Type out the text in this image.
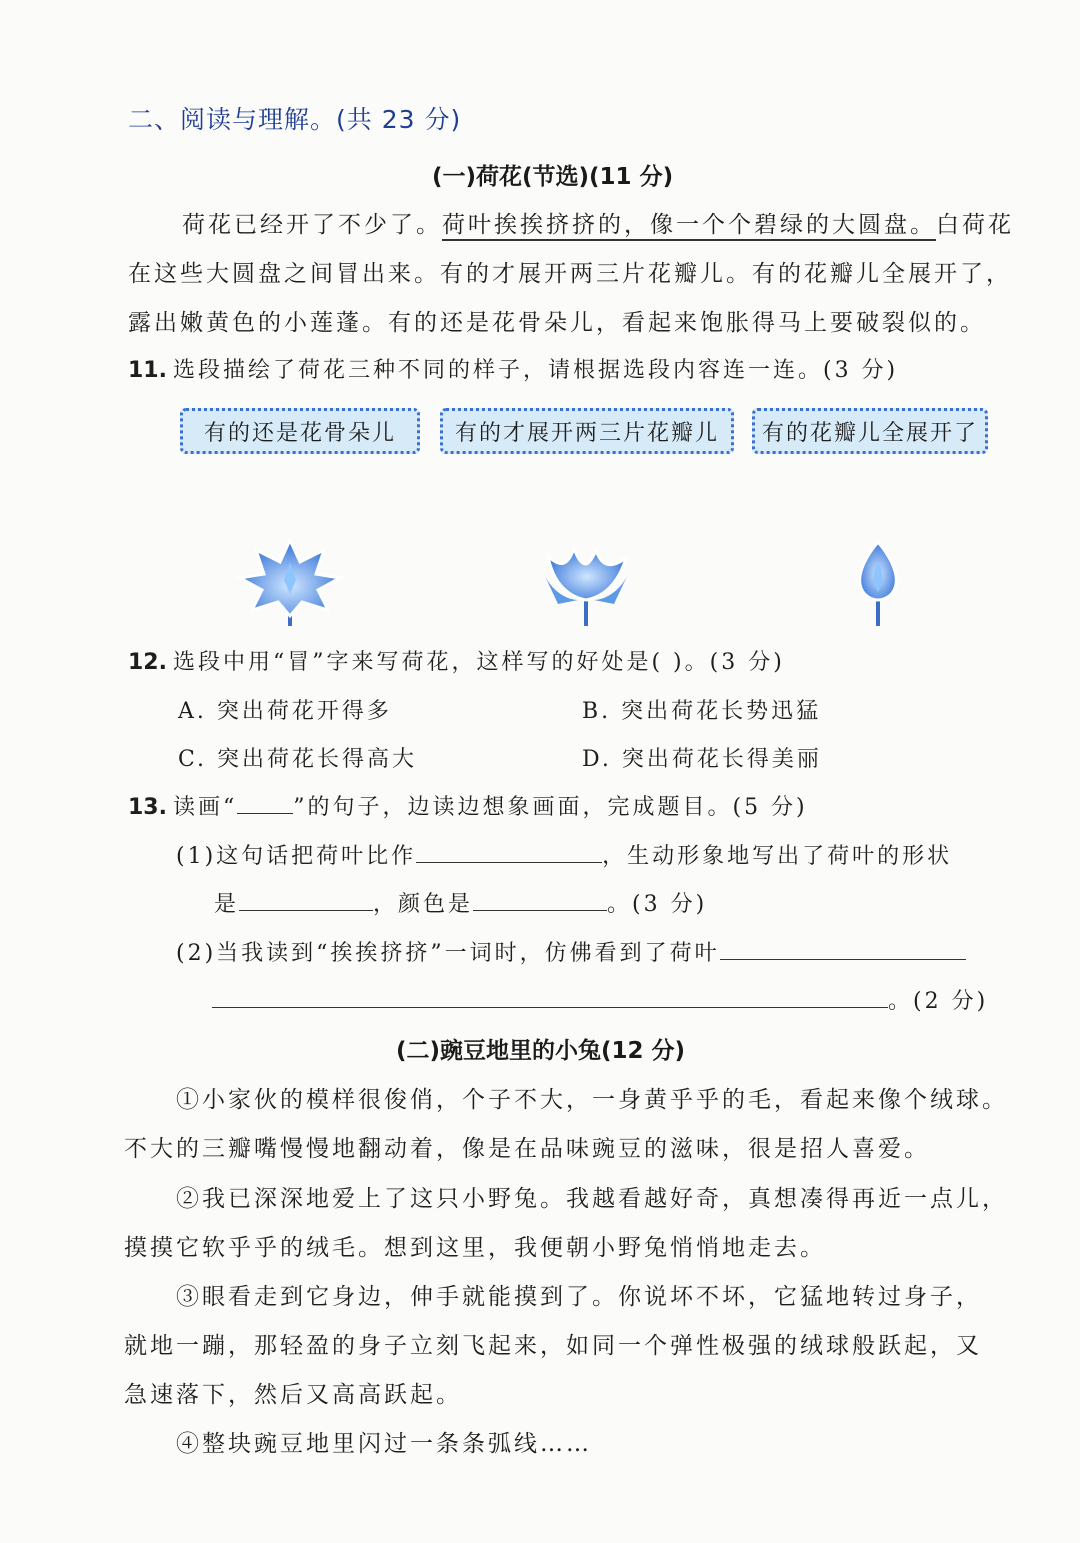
二、阅读与理解。(共 23 分)
(一)荷花(节选)(11 分)
荷花已经开了不少了。荷叶挨挨挤挤的，像一个个碧绿的大圆盘。白荷花
在这些大圆盘之间冒出来。有的才展开两三片花瓣儿。有的花瓣儿全展开了，
露出嫩黄色的小莲蓬。有的还是花骨朵儿，看起来饱胀得马上要破裂似的。
11. 选段描绘了荷花三种不同的样子，请根据选段内容连一连。(3 分)
有的还是花骨朵儿	有的才展开两三片花瓣儿	有的花瓣儿全展开了
12. 选段中用“冒”字来写荷花，这样写的好处是( )。(3 分)
A. 突出荷花开得多	B. 突出荷花长势迅猛
C. 突出荷花长得高大	D. 突出荷花长得美丽
13. 读画“	”的句子，边读边想象画面，完成题目。(5 分)
(1)这句话把荷叶比作	，生动形象地写出了荷叶的形状
是	，颜色是	。(3 分)
(2)当我读到“挨挨挤挤”一词时，仿佛看到了荷叶
。(2 分)
(二)豌豆地里的小兔(12 分)
①小家伙的模样很俊俏，个子不大，一身黄乎乎的毛，看起来像个绒球。
不大的三瓣嘴慢慢地翻动着，像是在品味豌豆的滋味，很是招人喜爱。
②我已深深地爱上了这只小野兔。我越看越好奇，真想凑得再近一点儿，
摸摸它软乎乎的绒毛。想到这里，我便朝小野兔悄悄地走去。
③眼看走到它身边，伸手就能摸到了。你说坏不坏，它猛地转过身子，
就地一蹦，那轻盈的身子立刻飞起来，如同一个弹性极强的绒球般跃起，又
急速落下，然后又高高跃起。
④整块豌豆地里闪过一条条弧线……
